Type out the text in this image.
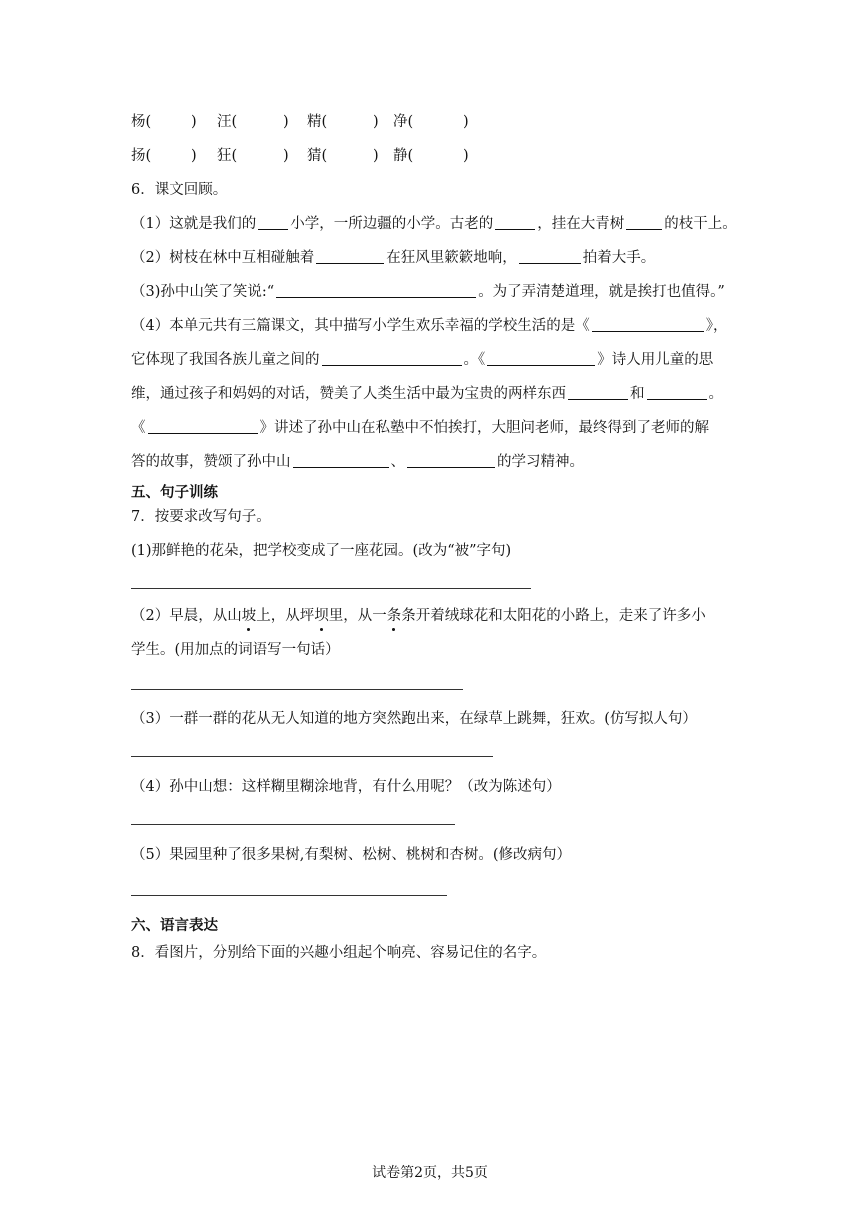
杨(	) 汪(	) 精(	) 净(	)
扬(	) 狂(	) 猜(	) 静(	)
6．课文回顾。
（1）这就是我们的 小学，一所边疆的小学。古老的	，挂在大青树	的枝干上。
（2）树枝在林中互相碰触着	在狂风里簌簌地响，	拍着大手。
（3)孙中山笑了笑说:“	。为了弄清楚道理，就是挨打也值得。”
（4）本单元共有三篇课文，其中描写小学生欢乐幸福的学校生活的是《	》，
它体现了我国各族儿童之间的	。《	》诗人用儿童的思
维，通过孩子和妈妈的对话，赞美了人类生活中最为宝贵的两样东西	和	。
《	》讲述了孙中山在私塾中不怕挨打，大胆问老师，最终得到了老师的解
答的故事，赞颂了孙中山	、	的学习精神。
五、句子训练
7．按要求改写句子。
(1)那鲜艳的花朵，把学校变成了一座花园。(改为“被”字句)
（2）早晨，从山坡上，从坪坝里，从一条条开着绒球花和太阳花的小路上，走来了许多小
学生。(用加点的词语写一句话）
（3）一群一群的花从无人知道的地方突然跑出来，在绿草上跳舞，狂欢。(仿写拟人句）
（4）孙中山想：这样糊里糊涂地背，有什么用呢？（改为陈述句）
（5）果园里种了很多果树,有梨树、松树、桃树和杏树。(修改病句）
六、语言表达
8．看图片，分别给下面的兴趣小组起个响亮、容易记住的名字。
试卷第2页，共5页
